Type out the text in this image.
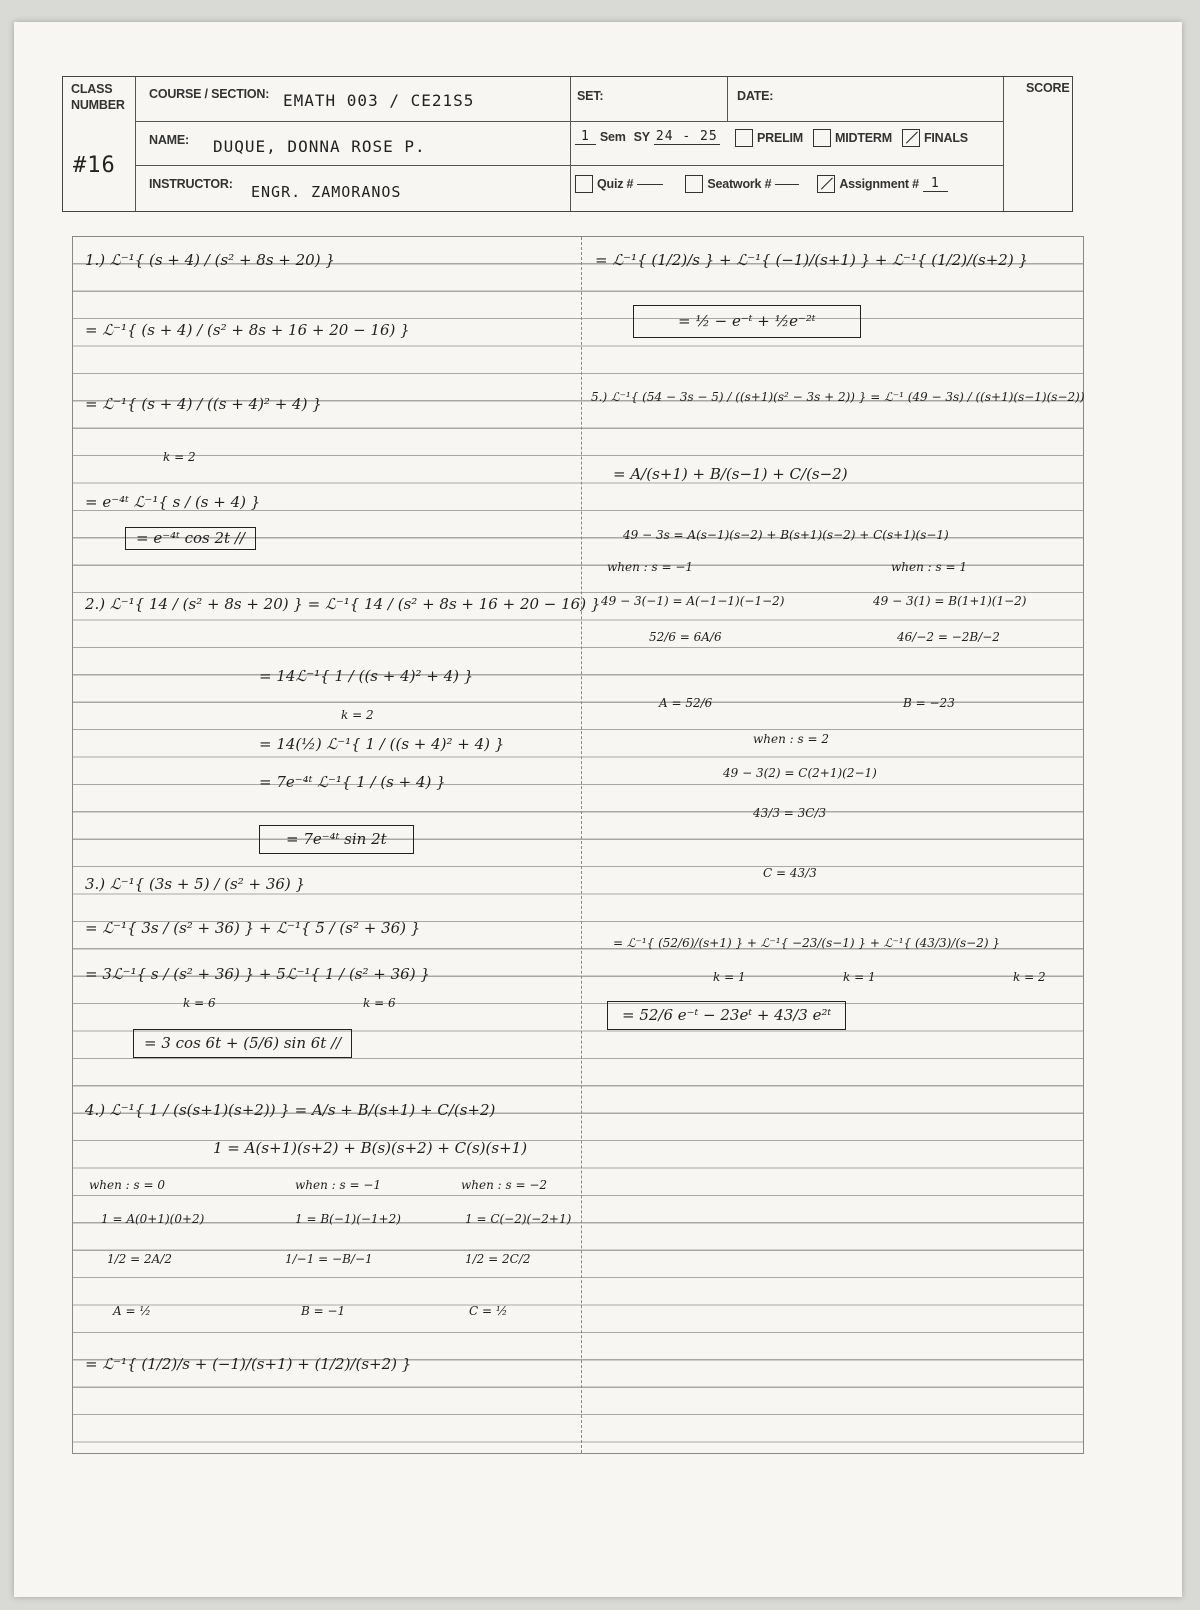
CLASS NUMBER
#16
COURSE / SECTION: EMATH 003 / CE21S5
NAME: DUQUE, DONNA ROSE P.
INSTRUCTOR: ENGR. ZAMORANOS
SET:	DATE:
SCORE
1 Sem SY 24 - 25	PRELIM	MIDTERM	FINALS
Quiz #	Seatwork #	Assignment # 1
1.) ℒ⁻¹{ (s + 4) / (s² + 8s + 20) }
= ℒ⁻¹{ (s + 4) / (s² + 8s + 16 + 20 − 16) }
= ℒ⁻¹{ (s + 4) / ((s + 4)² + 4) }
k = 2
= e⁻⁴ᵗ ℒ⁻¹{ s / (s + 4) }
= e⁻⁴ᵗ cos 2t //
2.) ℒ⁻¹{ 14 / (s² + 8s + 20) } = ℒ⁻¹{ 14 / (s² + 8s + 16 + 20 − 16) }
= 14ℒ⁻¹{ 1 / ((s + 4)² + 4) }
k = 2
= 14(½) ℒ⁻¹{ 1 / ((s + 4)² + 4) }
= 7e⁻⁴ᵗ ℒ⁻¹{ 1 / (s + 4) }
= 7e⁻⁴ᵗ sin 2t
3.) ℒ⁻¹{ (3s + 5) / (s² + 36) }
= ℒ⁻¹{ 3s / (s² + 36) } + ℒ⁻¹{ 5 / (s² + 36) }
= 3ℒ⁻¹{ s / (s² + 36) } + 5ℒ⁻¹{ 1 / (s² + 36) }
k = 6	k = 6
= 3 cos 6t + (5/6) sin 6t //
4.) ℒ⁻¹{ 1 / (s(s+1)(s+2)) } = A/s + B/(s+1) + C/(s+2)
1 = A(s+1)(s+2) + B(s)(s+2) + C(s)(s+1)
when : s = 0	when : s = −1	when : s = −2
1 = A(0+1)(0+2)	1 = B(−1)(−1+2)	1 = C(−2)(−2+1)
1/2 = 2A/2	1/−1 = −B/−1	1/2 = 2C/2
A = ½	B = −1	C = ½
= ℒ⁻¹{ (1/2)/s + (−1)/(s+1) + (1/2)/(s+2) }
= ℒ⁻¹{ (1/2)/s } + ℒ⁻¹{ (−1)/(s+1) } + ℒ⁻¹{ (1/2)/(s+2) }
= ½ − e⁻ᵗ + ½e⁻²ᵗ
5.) ℒ⁻¹{ (54 − 3s − 5) / ((s+1)(s² − 3s + 2)) } = ℒ⁻¹ (49 − 3s) / ((s+1)(s−1)(s−2))
= A/(s+1) + B/(s−1) + C/(s−2)
49 − 3s = A(s−1)(s−2) + B(s+1)(s−2) + C(s+1)(s−1)
when : s = −1	when : s = 1
49 − 3(−1) = A(−1−1)(−1−2)	49 − 3(1) = B(1+1)(1−2)
52/6 = 6A/6	46/−2 = −2B/−2
A = 52/6	B = −23
when : s = 2
49 − 3(2) = C(2+1)(2−1)
43/3 = 3C/3
C = 43/3
= ℒ⁻¹{ (52/6)/(s+1) } + ℒ⁻¹{ −23/(s−1) } + ℒ⁻¹{ (43/3)/(s−2) }
k = 1	k = 1	k = 2
= 52/6 e⁻ᵗ − 23eᵗ + 43/3 e²ᵗ
